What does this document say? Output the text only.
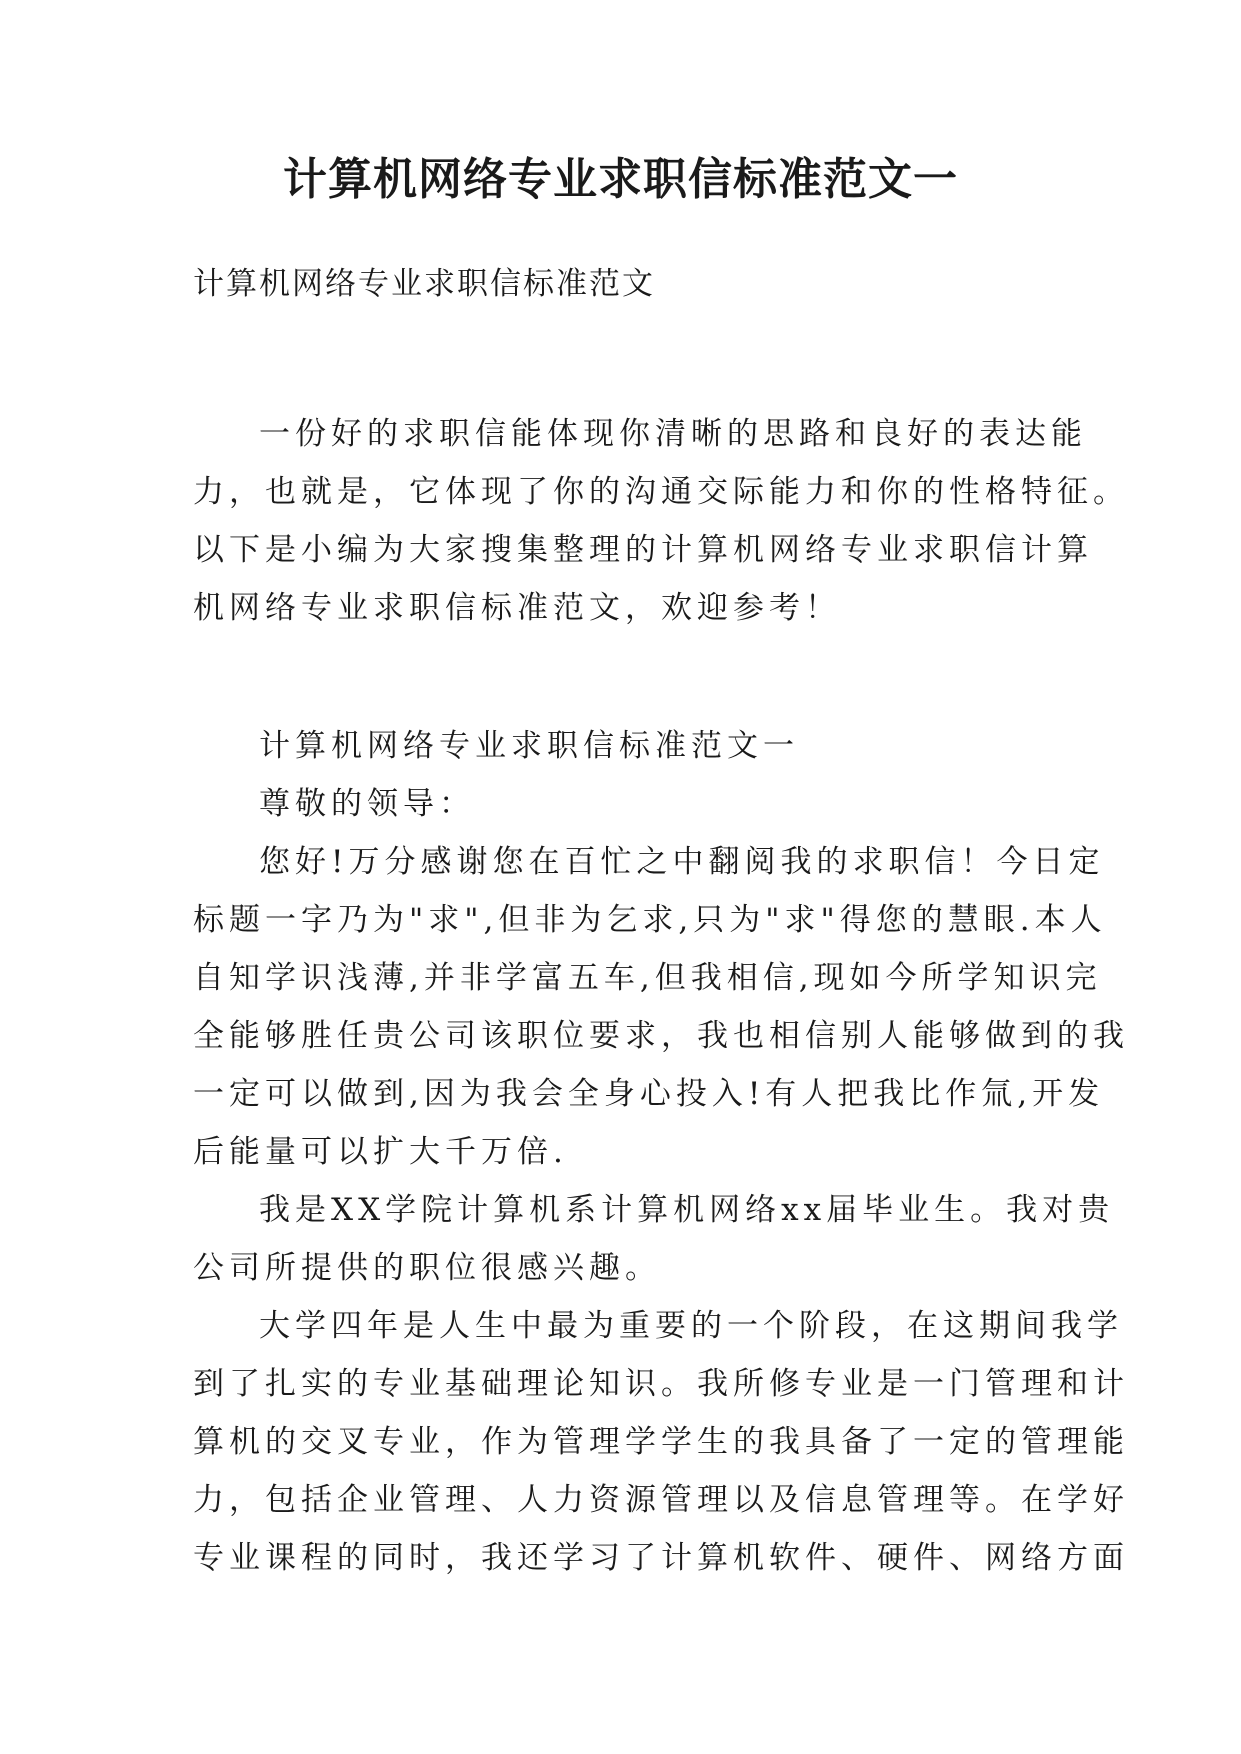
计算机网络专业求职信标准范文一

计算机网络专业求职信标准范文

一份好的求职信能体现你清晰的思路和良好的表达能
力，也就是，它体现了你的沟通交际能力和你的性格特征。
以下是小编为大家搜集整理的计算机网络专业求职信计算
机网络专业求职信标准范文，欢迎参考！
计算机网络专业求职信标准范文一
尊敬的领导：
您好!万分感谢您在百忙之中翻阅我的求职信！今日定
标题一字乃为"求",但非为乞求,只为"求"得您的慧眼.本人
自知学识浅薄,并非学富五车,但我相信,现如今所学知识完
全能够胜任贵公司该职位要求，我也相信别人能够做到的我
一定可以做到,因为我会全身心投入!有人把我比作氚,开发
后能量可以扩大千万倍.
我是XX学院计算机系计算机网络xx届毕业生。我对贵
公司所提供的职位很感兴趣。
大学四年是人生中最为重要的一个阶段，在这期间我学
到了扎实的专业基础理论知识。我所修专业是一门管理和计
算机的交叉专业，作为管理学学生的我具备了一定的管理能
力，包括企业管理、人力资源管理以及信息管理等。在学好
专业课程的同时，我还学习了计算机软件、硬件、网络方面
